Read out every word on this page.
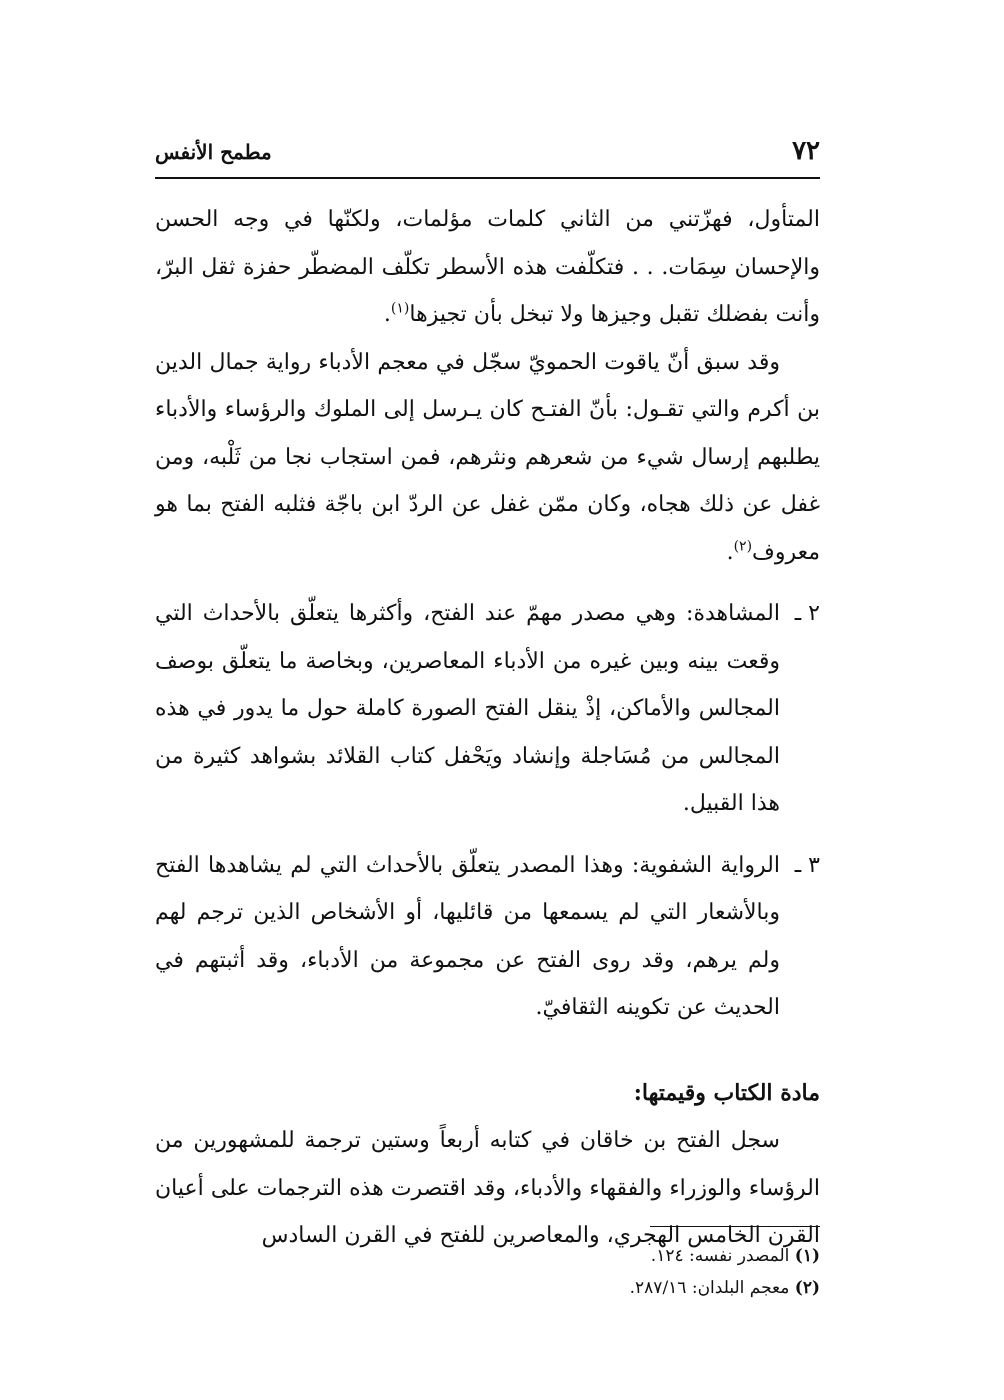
٧٢
مطمح الأنفس

المتأول، فهزّتني من الثاني كلمات مؤلمات، ولكنّها في وجه الحسن والإحسان سِمَات. . . فتكلّفت هذه الأسطر تكلّف المضطّر حفزة ثقل البرّ، وأنت بفضلك تقبل وجيزها ولا تبخل بأن تجيزها$^{(١)}$.

وقد سبق أنّ ياقوت الحمويّ سجّل في معجم الأدباء رواية جمال الدين بن أكرم والتي تقـول: بأنّ الفتـح كان يـرسل إلى الملوك والرؤساء والأدباء يطلبهم إرسال شيء من شعرهم ونثرهم، فمن استجاب نجا من ثَلْبه، ومن غفل عن ذلك هجاه، وكان ممّن غفل عن الردّ ابن باجّة فثلبه الفتح بما هو معروف$^{(٢)}$.

٢ ـ

المشاهدة: وهي مصدر مهمّ عند الفتح، وأكثرها يتعلّق بالأحداث التي وقعت بينه وبين غيره من الأدباء المعاصرين، وبخاصة ما يتعلّق بوصف المجالس والأماكن، إذْ ينقل الفتح الصورة كاملة حول ما يدور في هذه المجالس من مُسَاجلة وإنشاد ويَحْفل كتاب القلائد بشواهد كثيرة من هذا القبيل.

٣ ـ

الرواية الشفوية: وهذا المصدر يتعلّق بالأحداث التي لم يشاهدها الفتح وبالأشعار التي لم يسمعها من قائليها، أو الأشخاص الذين ترجم لهم ولم يرهم، وقد روى الفتح عن مجموعة من الأدباء، وقد أثبتهم في الحديث عن تكوينه الثقافيّ.

مادة الكتاب وقيمتها:

سجل الفتح بن خاقان في كتابه أربعاً وستين ترجمة للمشهورين من الرؤساء والوزراء والفقهاء والأدباء، وقد اقتصرت هذه الترجمات على أعيان القرن الخامس الهجري، والمعاصرين للفتح في القرن السادس

(١) المصدر نفسه: ١٢٤.

(٢) معجم البلدان: ٢٨٧/١٦.
